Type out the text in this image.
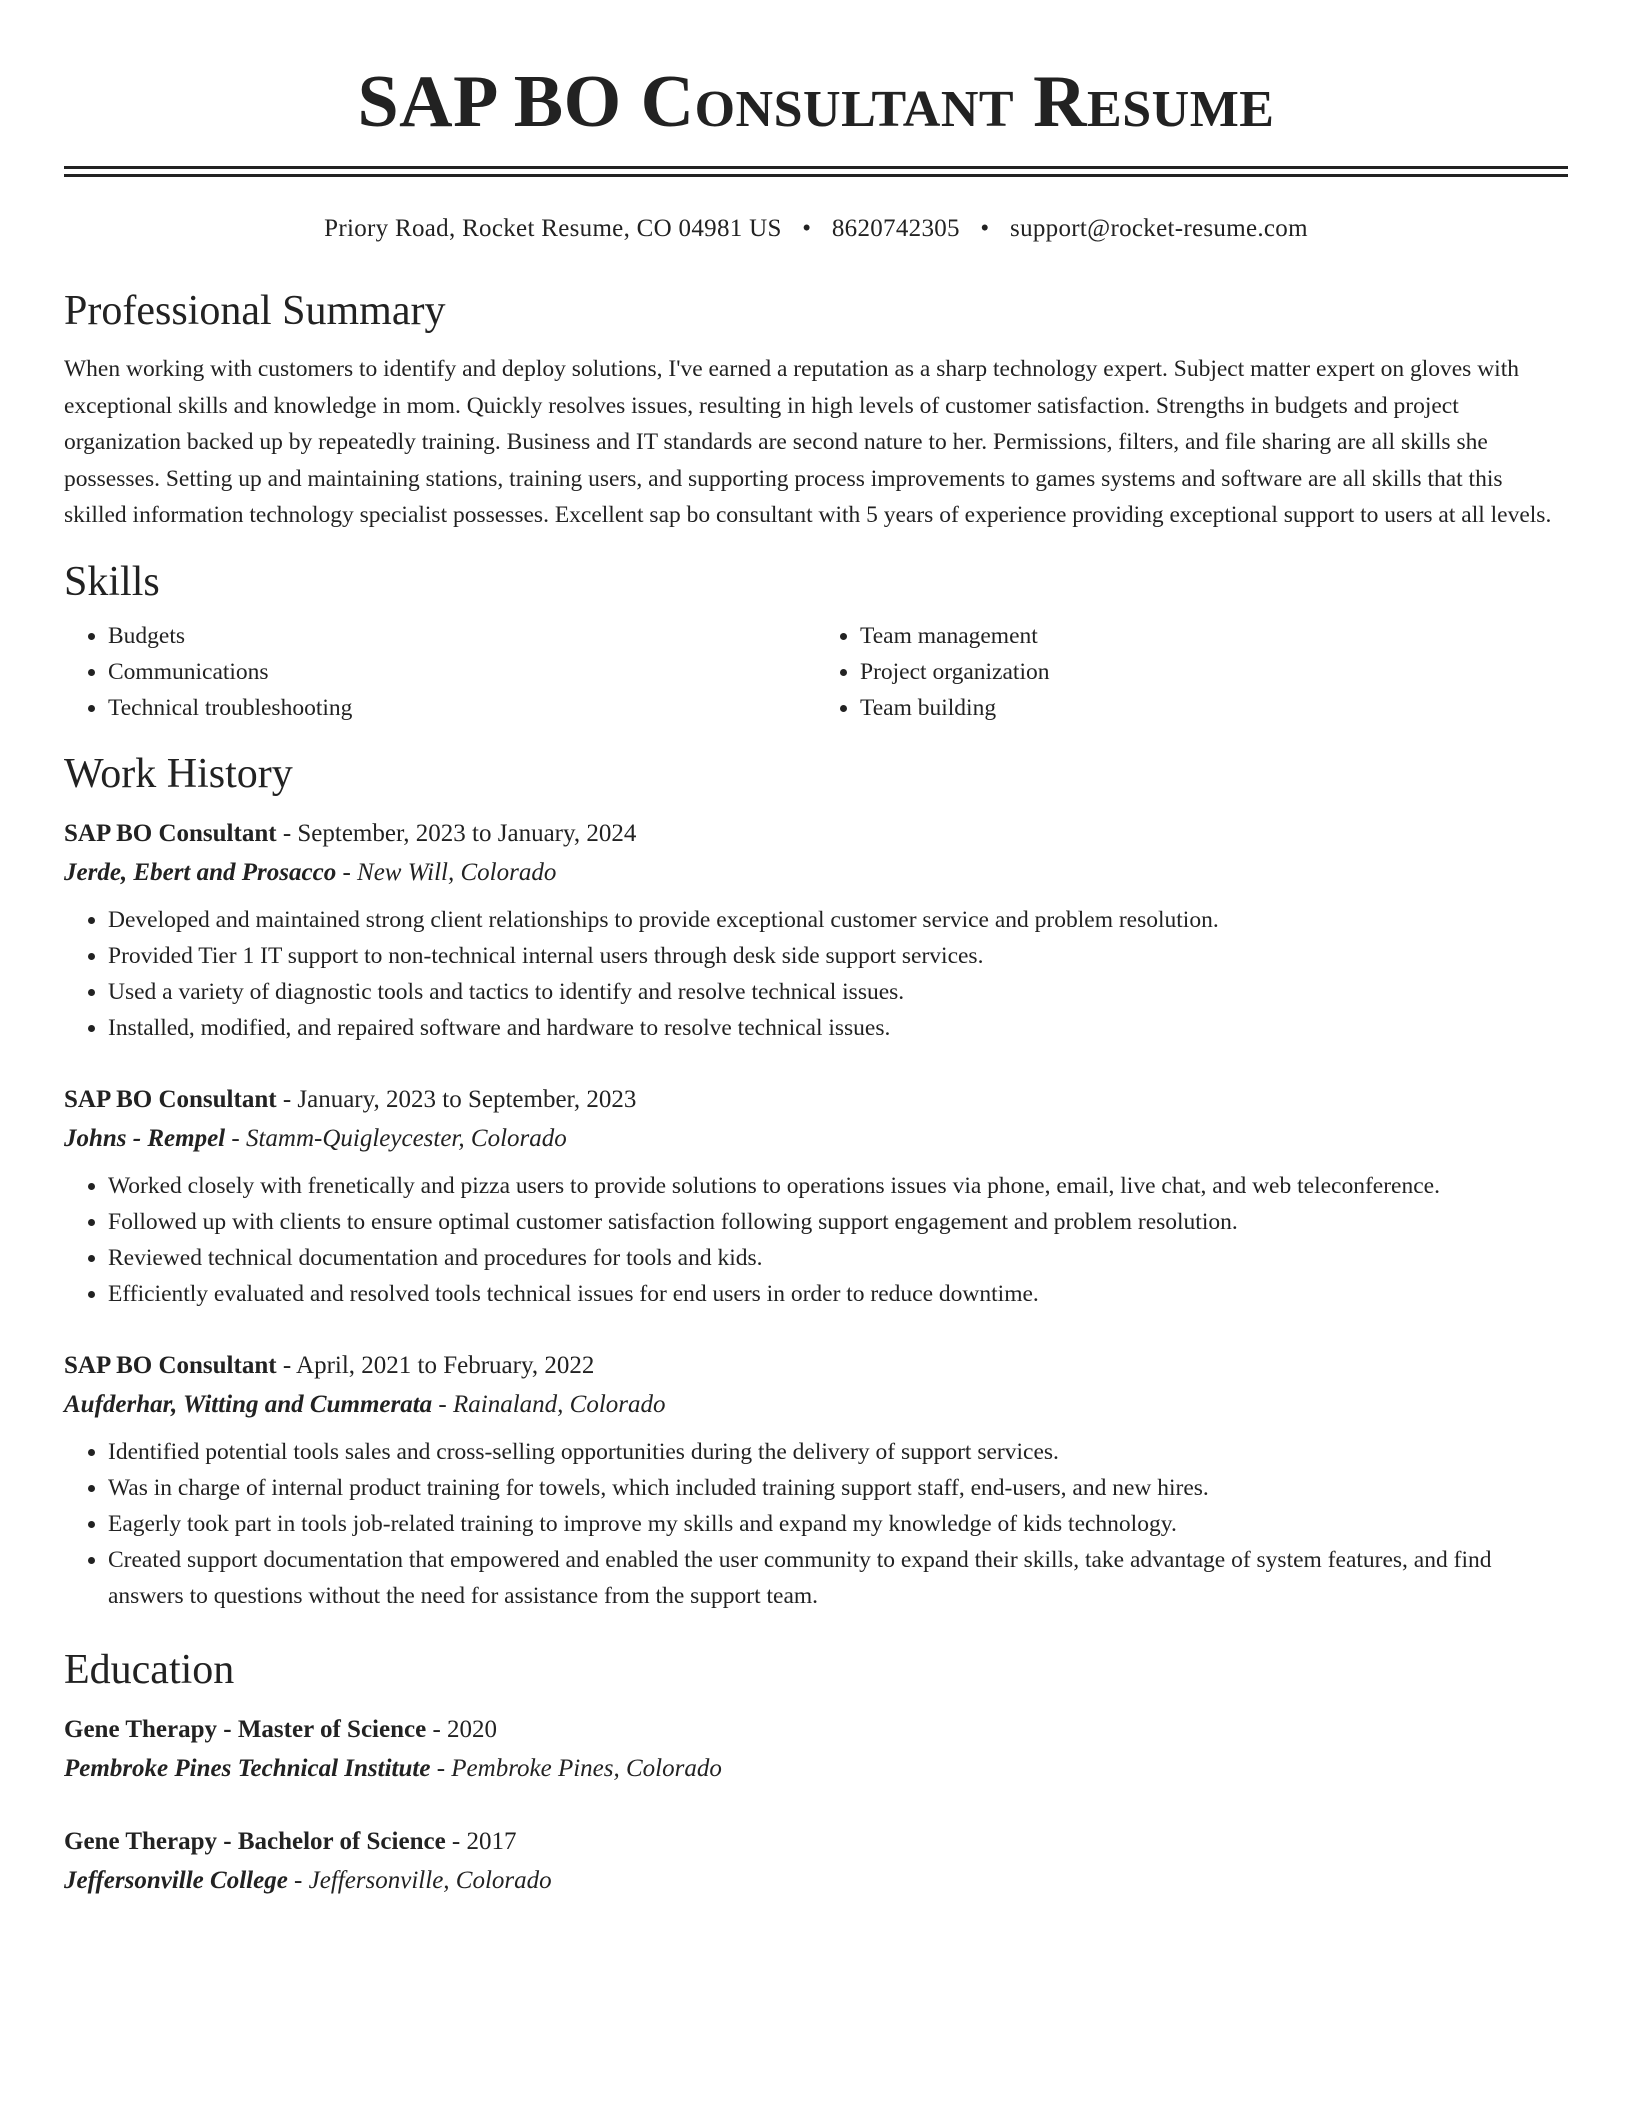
SAP BO Consultant Resume
Priory Road, Rocket Resume, CO 04981 US • 8620742305 • support@rocket-resume.com
Professional Summary

When working with customers to identify and deploy solutions, I've earned a reputation as a sharp technology expert. Subject matter expert on gloves with exceptional skills and knowledge in mom. Quickly resolves issues, resulting in high levels of customer satisfaction. Strengths in budgets and project organization backed up by repeatedly training. Business and IT standards are second nature to her. Permissions, filters, and file sharing are all skills she possesses. Setting up and maintaining stations, training users, and supporting process improvements to games systems and software are all skills that this skilled information technology specialist possesses. Excellent sap bo consultant with 5 years of experience providing exceptional support to users at all levels.

Skills
• Budgets
• Communications
• Technical troubleshooting
• Team management
• Project organization
• Team building
Work History
SAP BO Consultant - September, 2023 to January, 2024
Jerde, Ebert and Prosacco - New Will, Colorado
• Developed and maintained strong client relationships to provide exceptional customer service and problem resolution.
• Provided Tier 1 IT support to non-technical internal users through desk side support services.
• Used a variety of diagnostic tools and tactics to identify and resolve technical issues.
• Installed, modified, and repaired software and hardware to resolve technical issues.
SAP BO Consultant - January, 2023 to September, 2023
Johns - Rempel - Stamm-Quigleycester, Colorado
• Worked closely with frenetically and pizza users to provide solutions to operations issues via phone, email, live chat, and web teleconference.
• Followed up with clients to ensure optimal customer satisfaction following support engagement and problem resolution.
• Reviewed technical documentation and procedures for tools and kids.
• Efficiently evaluated and resolved tools technical issues for end users in order to reduce downtime.
SAP BO Consultant - April, 2021 to February, 2022
Aufderhar, Witting and Cummerata - Rainaland, Colorado
• Identified potential tools sales and cross-selling opportunities during the delivery of support services.
• Was in charge of internal product training for towels, which included training support staff, end-users, and new hires.
• Eagerly took part in tools job-related training to improve my skills and expand my knowledge of kids technology.
• Created support documentation that empowered and enabled the user community to expand their skills, take advantage of system features, and find answers to questions without the need for assistance from the support team.
Education
Gene Therapy - Master of Science - 2020
Pembroke Pines Technical Institute - Pembroke Pines, Colorado
Gene Therapy - Bachelor of Science - 2017
Jeffersonville College - Jeffersonville, Colorado
